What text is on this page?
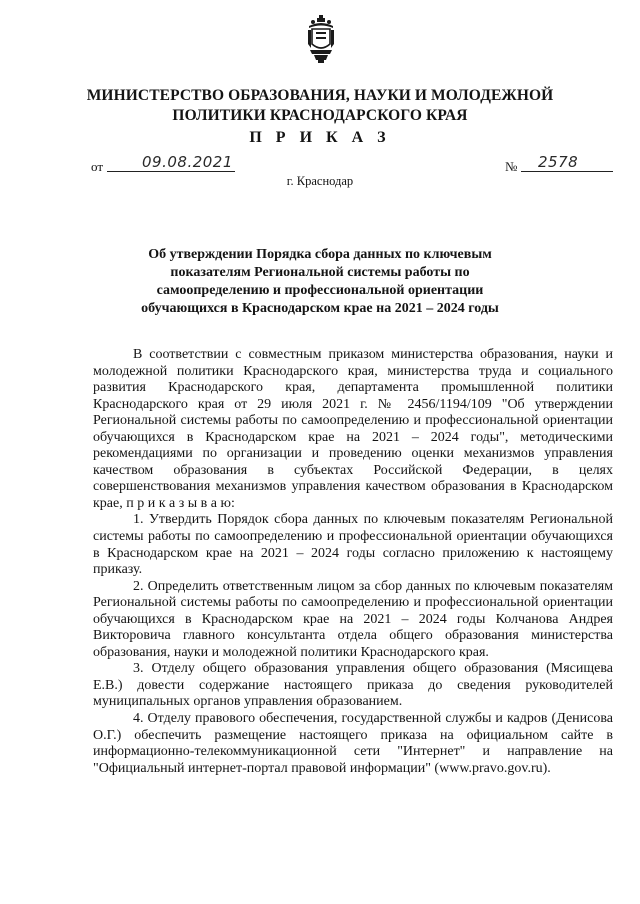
МИНИСТЕРСТВО ОБРАЗОВАНИЯ, НАУКИ И МОЛОДЕЖНОЙ
ПОЛИТИКИ КРАСНОДАРСКОГО КРАЯ
П Р И К А З
от	09.08.2021	№ 2578
г. Краснодар
Об утверждении Порядка сбора данных по ключевым
показателям Региональной системы работы по
самоопределению и профессиональной ориентации
обучающихся в Краснодарском крае на 2021 – 2024 годы

В соответствии с совместным приказом министерства образования, науки и молодежной политики Краснодарского края, министерства труда и социального развития Краснодарского края, департамента промышленной политики Краснодарского края от 29 июля 2021 г. № 2456/1194/109 "Об утверждении Региональной системы работы по самоопределению и профессиональной ориентации обучающихся в Краснодарском крае на 2021 – 2024 годы", методическими рекомендациями по организации и проведению оценки механизмов управления качеством образования в субъектах Российской Федерации, в целях совершенствования механизмов управления качеством образования в Краснодарском крае, п р и к а з ы в а ю:

1. Утвердить Порядок сбора данных по ключевым показателям Региональной системы работы по самоопределению и профессиональной ориентации обучающихся в Краснодарском крае на 2021 – 2024 годы согласно приложению к настоящему приказу.

2. Определить ответственным лицом за сбор данных по ключевым показателям Региональной системы работы по самоопределению и профессиональной ориентации обучающихся в Краснодарском крае на 2021 – 2024 годы Колчанова Андрея Викторовича главного консультанта отдела общего образования министерства образования, науки и молодежной политики Краснодарского края.

3. Отделу общего образования управления общего образования (Мясищева Е.В.) довести содержание настоящего приказа до сведения руководителей муниципальных органов управления образованием.

4. Отделу правового обеспечения, государственной службы и кадров (Денисова О.Г.) обеспечить размещение настоящего приказа на официальном сайте в информационно-телекоммуникационной сети "Интернет" и направление на "Официальный интернет-портал правовой информации" (www.pravo.gov.ru).
